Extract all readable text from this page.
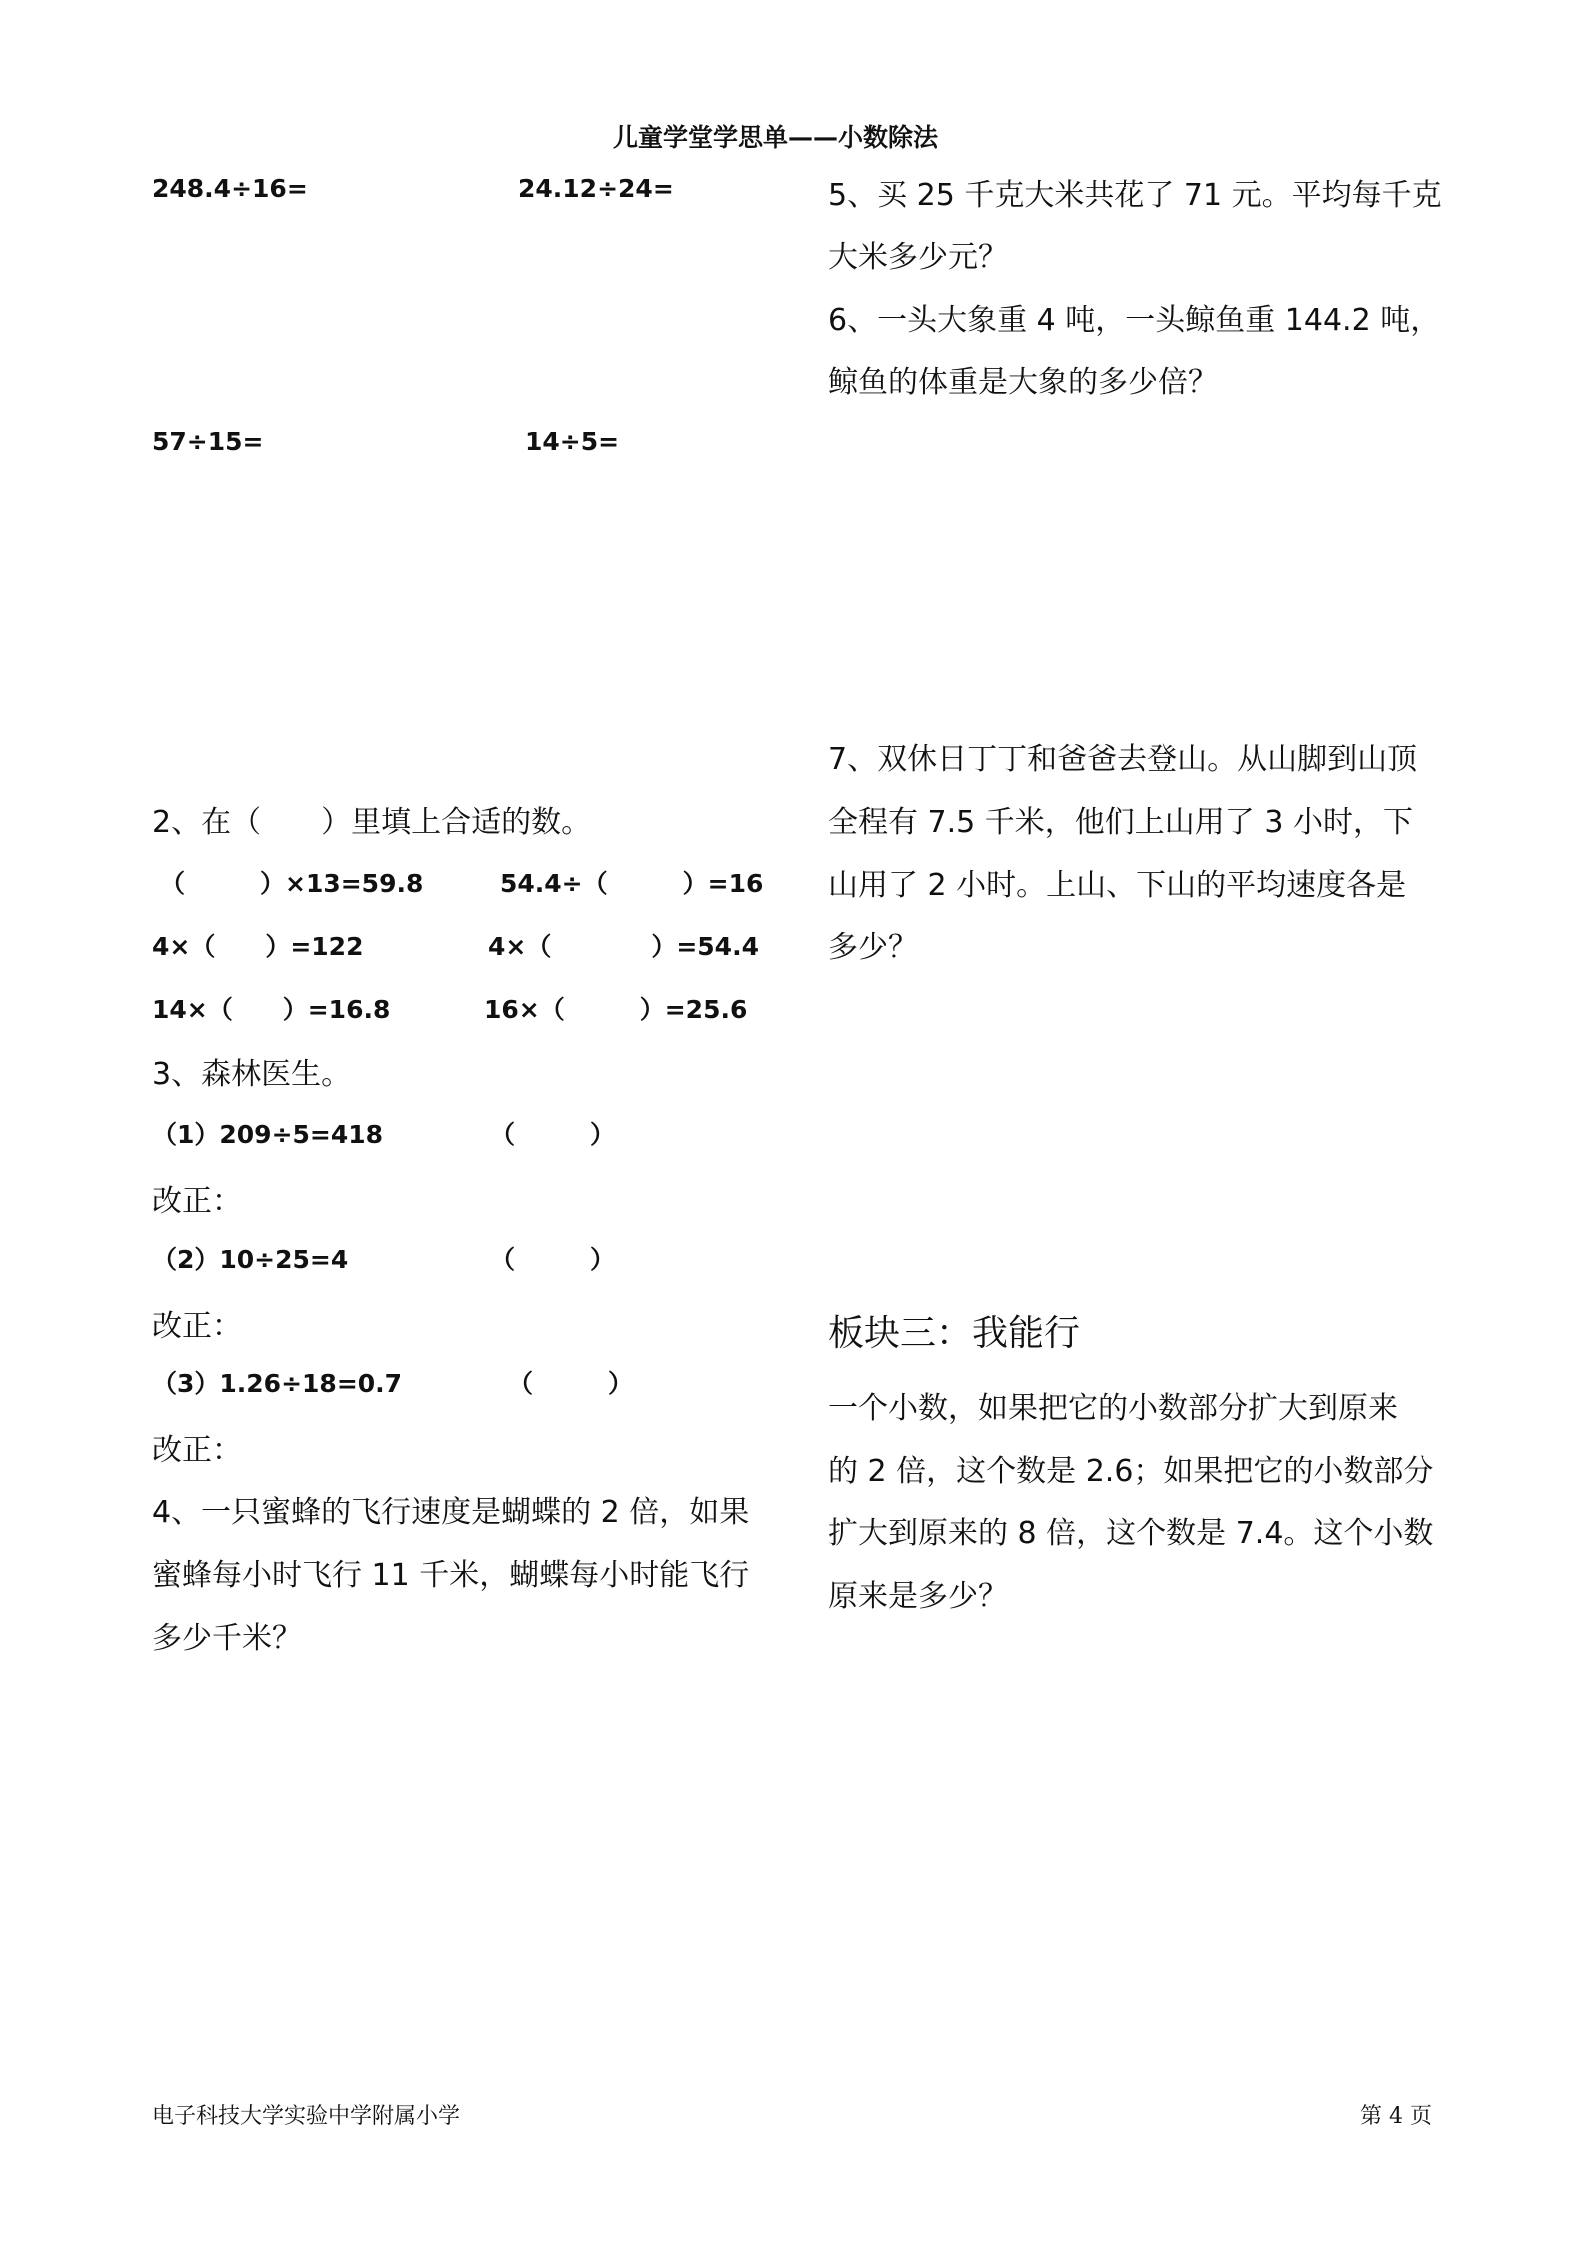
儿童学堂学思单——小数除法
248.4÷16=	24.12÷24=
57÷15=	14÷5=
2、在（　　）里填上合适的数。
（　　　）×13=59.8	54.4÷（　　　）=16
4×（　　）=122	4×（　　　　）=54.4
14×（　　）=16.8	16×（　　　）=25.6
3、森林医生。
（1）209÷5=418	（　　　）
改正：
（2）10÷25=4	（　　　）
改正：
（3）1.26÷18=0.7	（　　　）
改正：
4、一只蜜蜂的飞行速度是蝴蝶的 2 倍，如果
蜜蜂每小时飞行 11 千米，蝴蝶每小时能飞行
多少千米？
5、买 25 千克大米共花了 71 元。平均每千克
大米多少元？
6、一头大象重 4 吨，一头鲸鱼重 144.2 吨，
鲸鱼的体重是大象的多少倍？
7、双休日丁丁和爸爸去登山。从山脚到山顶
全程有 7.5 千米，他们上山用了 3 小时，下
山用了 2 小时。上山、下山的平均速度各是
多少？
板块三：我能行
一个小数，如果把它的小数部分扩大到原来
的 2 倍，这个数是 2.6；如果把它的小数部分
扩大到原来的 8 倍，这个数是 7.4。这个小数
原来是多少？
电子科技大学实验中学附属小学	第 4 页
